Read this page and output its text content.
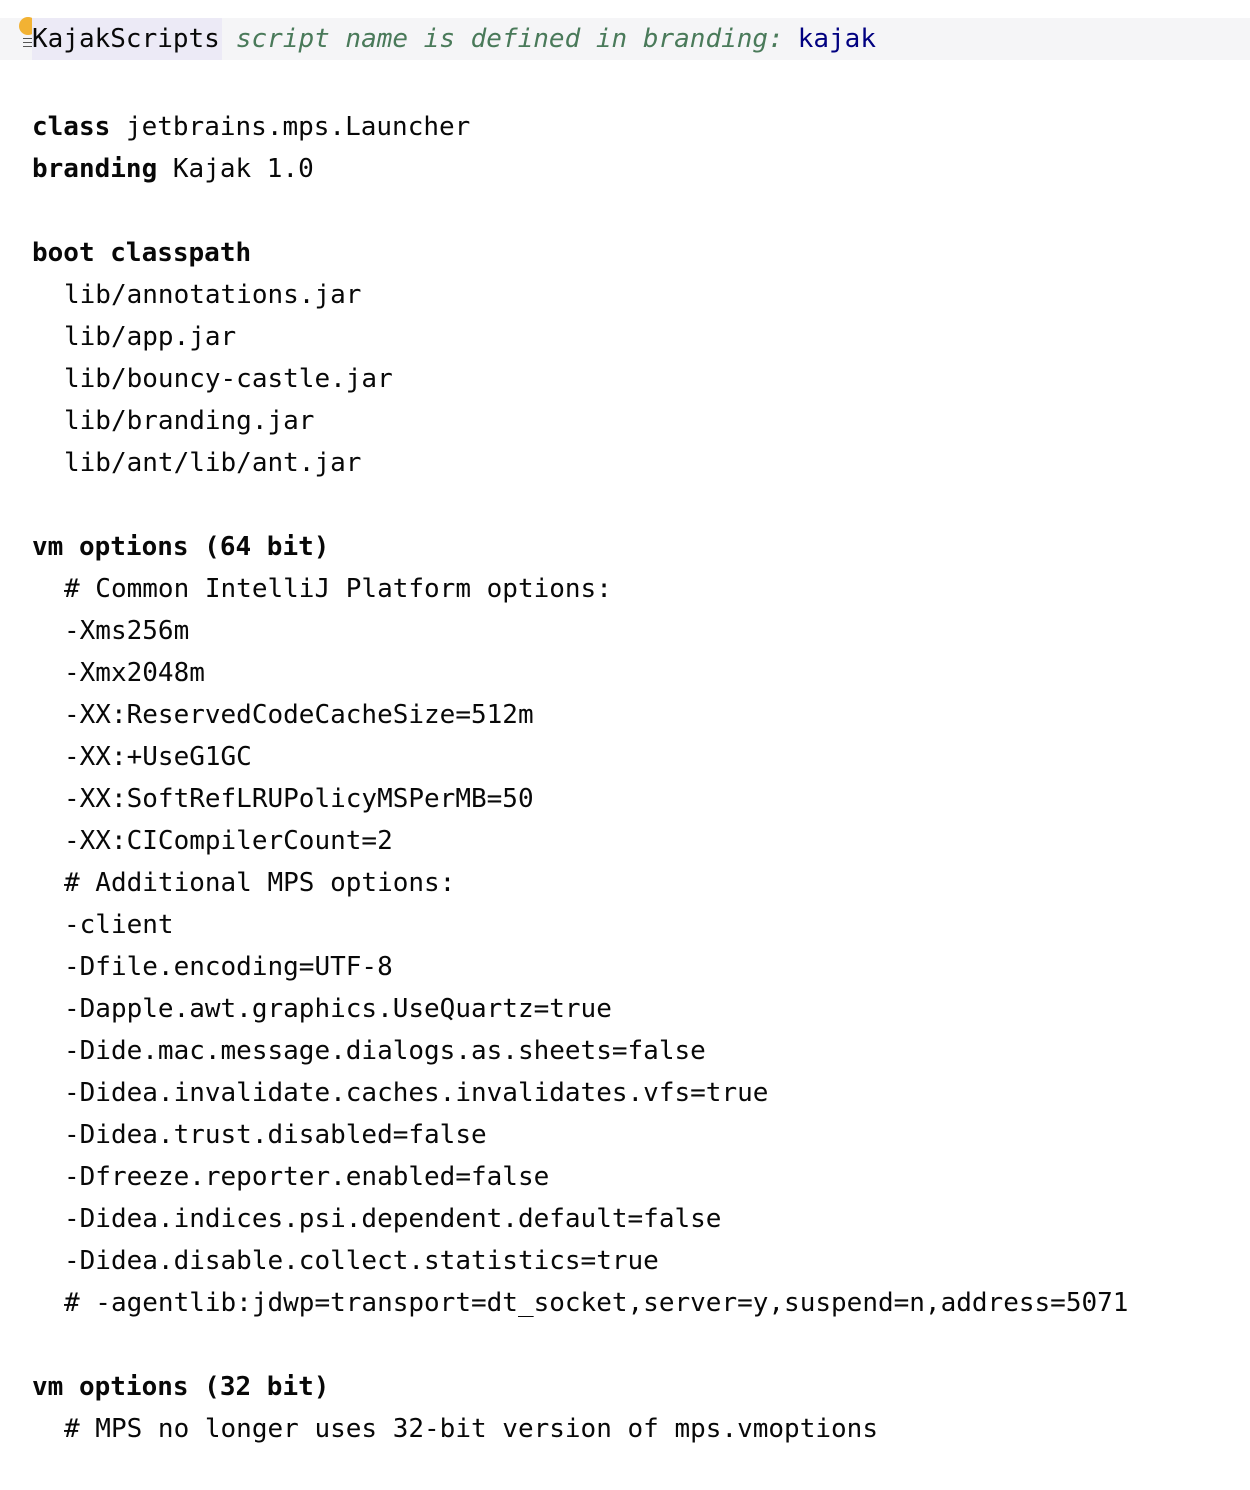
KajakScripts script name is defined in branding: kajak
class jetbrains.mps.Launcher
branding Kajak 1.0
boot classpath
lib/annotations.jar
lib/app.jar
lib/bouncy-castle.jar
lib/branding.jar
lib/ant/lib/ant.jar
vm options (64 bit)
# Common IntelliJ Platform options:
-Xms256m
-Xmx2048m
-XX:ReservedCodeCacheSize=512m
-XX:+UseG1GC
-XX:SoftRefLRUPolicyMSPerMB=50
-XX:CICompilerCount=2
# Additional MPS options:
-client
-Dfile.encoding=UTF-8
-Dapple.awt.graphics.UseQuartz=true
-Dide.mac.message.dialogs.as.sheets=false
-Didea.invalidate.caches.invalidates.vfs=true
-Didea.trust.disabled=false
-Dfreeze.reporter.enabled=false
-Didea.indices.psi.dependent.default=false
-Didea.disable.collect.statistics=true
# -agentlib:jdwp=transport=dt_socket,server=y,suspend=n,address=5071
vm options (32 bit)
# MPS no longer uses 32-bit version of mps.vmoptions
